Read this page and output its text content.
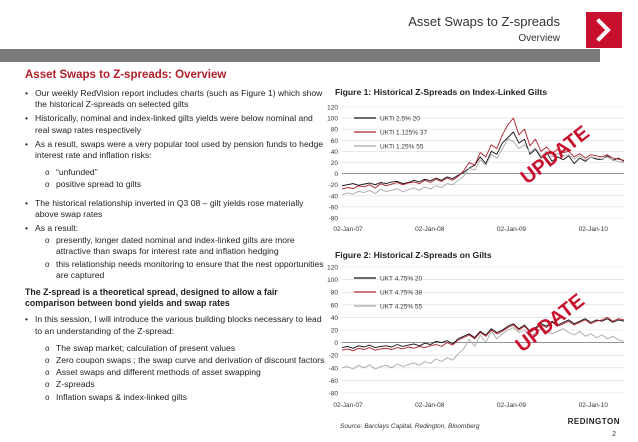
Asset Swaps to Z-spreads
Overview
Asset Swaps to Z-spreads: Overview
• Our weekly RedVision report includes charts (such as Figure 1) which show the historical Z-spreads on selected gilts
• Historically, nominal and index-linked gilts yields were below nominal and real swap rates respectively
• As a result, swaps were a very popular tool used by pension funds to hedge interest rate and inflation risks:
o “unfunded”
o positive spread to gilts
• The historical relationship inverted in Q3 08 – gilt yields rose materially above swap rates
• As a result:
o presently, longer dated nominal and index-linked gilts are more attractive than swaps for interest rate and inflation hedging
o this relationship needs monitoring to ensure that the nest opportunities are captured
The Z-spread is a theoretical spread, designed to allow a fair comparison between bond yields and swap rates
• In this session, I will introduce the various building blocks necessary to lead to an understanding of the Z-spread:
o The swap market; calculation of present values
o Zero coupon swaps ; the swap curve and derivation of discount factors
o Asset swaps and different methods of asset swapping
o Z-spreads
o Inflation swaps & index-linked gilts
Figure 1: Historical Z-Spreads on Index-Linked Gilts
120
100
80
60
40
20
0
-20
-40
-60
-80
02-Jan-07	02-Jan-08	02-Jan-09	02-Jan-10
UKTi 2.5% 20
UKTi 1.125% 37
UKTi 1.25% 55	UPDATE
Figure 2: Historical Z-Spreads on Gilts
120
100
80
60
40
20
0
-20
-40
-60
-80
02-Jan-07	02-Jan-08	02-Jan-09	02-Jan-10
UKT 4.75% 20
UKT 4.75% 38
UKT 4.25% 55	UPDATE
Source: Barclays Capital, Redington, Bloomberg
REDINGTON
2
